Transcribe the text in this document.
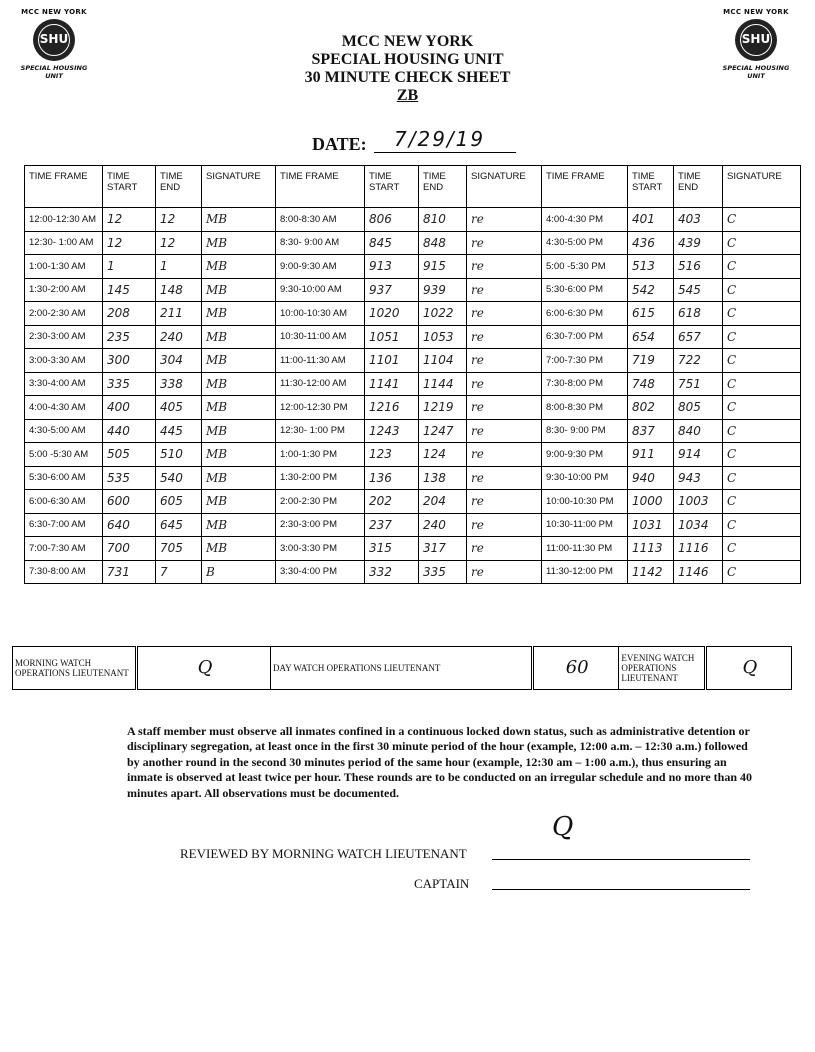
MCC NEW YORK
SHU
SPECIAL HOUSING UNIT
MCC NEW YORK
SHU
SPECIAL HOUSING UNIT
MCC NEW YORK
SPECIAL HOUSING UNIT
30 MINUTE CHECK SHEET
ZB
DATE: 7/29/19
TIME FRAME	TIME START	TIME END	SIGNATURE	TIME FRAME	TIME START	TIME END	SIGNATURE	TIME FRAME	TIME START	TIME END	SIGNATURE
12:00-12:30 AM	12	12	MB	8:00-8:30 AM	806	810	re	4:00-4:30 PM	401	403	C
12:30- 1:00 AM	12	12	MB	8:30- 9:00 AM	845	848	re	4:30-5:00 PM	436	439	C
1:00-1:30 AM	1	1	MB	9:00-9:30 AM	913	915	re	5:00 -5:30 PM	513	516	C
1:30-2:00 AM	145	148	MB	9:30-10:00 AM	937	939	re	5:30-6:00 PM	542	545	C
2:00-2:30 AM	208	211	MB	10:00-10:30 AM	1020	1022	re	6:00-6:30 PM	615	618	C
2:30-3:00 AM	235	240	MB	10:30-11:00 AM	1051	1053	re	6:30-7:00 PM	654	657	C
3:00-3:30 AM	300	304	MB	11:00-11:30 AM	1101	1104	re	7:00-7:30 PM	719	722	C
3:30-4:00 AM	335	338	MB	11:30-12:00 AM	1141	1144	re	7:30-8:00 PM	748	751	C
4:00-4:30 AM	400	405	MB	12:00-12:30 PM	1216	1219	re	8:00-8:30 PM	802	805	C
4:30-5:00 AM	440	445	MB	12:30- 1:00 PM	1243	1247	re	8:30- 9:00 PM	837	840	C
5:00 -5:30 AM	505	510	MB	1:00-1:30 PM	123	124	re	9:00-9:30 PM	911	914	C
5:30-6:00 AM	535	540	MB	1:30-2:00 PM	136	138	re	9:30-10:00 PM	940	943	C
6:00-6:30 AM	600	605	MB	2:00-2:30 PM	202	204	re	10:00-10:30 PM	1000	1003	C
6:30-7:00 AM	640	645	MB	2:30-3:00 PM	237	240	re	10:30-11:00 PM	1031	1034	C
7:00-7:30 AM	700	705	MB	3:00-3:30 PM	315	317	re	11:00-11:30 PM	1113	1116	C
7:30-8:00 AM	731	7	B	3:30-4:00 PM	332	335	re	11:30-12:00 PM	1142	1146	C
MORNING WATCH OPERATIONS LIEUTENANT	Q	DAY WATCH OPERATIONS LIEUTENANT	60	EVENING WATCH OPERATIONS LIEUTENANT	Q
A staff member must observe all inmates confined in a continuous locked down status, such as administrative detention or disciplinary segregation, at least once in the first 30 minute period of the hour (example, 12:00 a.m. – 12:30 a.m.) followed by another round in the second 30 minutes period of the same hour (example, 12:30 am – 1:00 a.m.), thus ensuring an inmate is observed at least twice per hour. These rounds are to be conducted on an irregular schedule and no more than 40 minutes apart. All observations must be documented.
REVIEWED BY MORNING WATCH LIEUTENANT
Q
CAPTAIN
